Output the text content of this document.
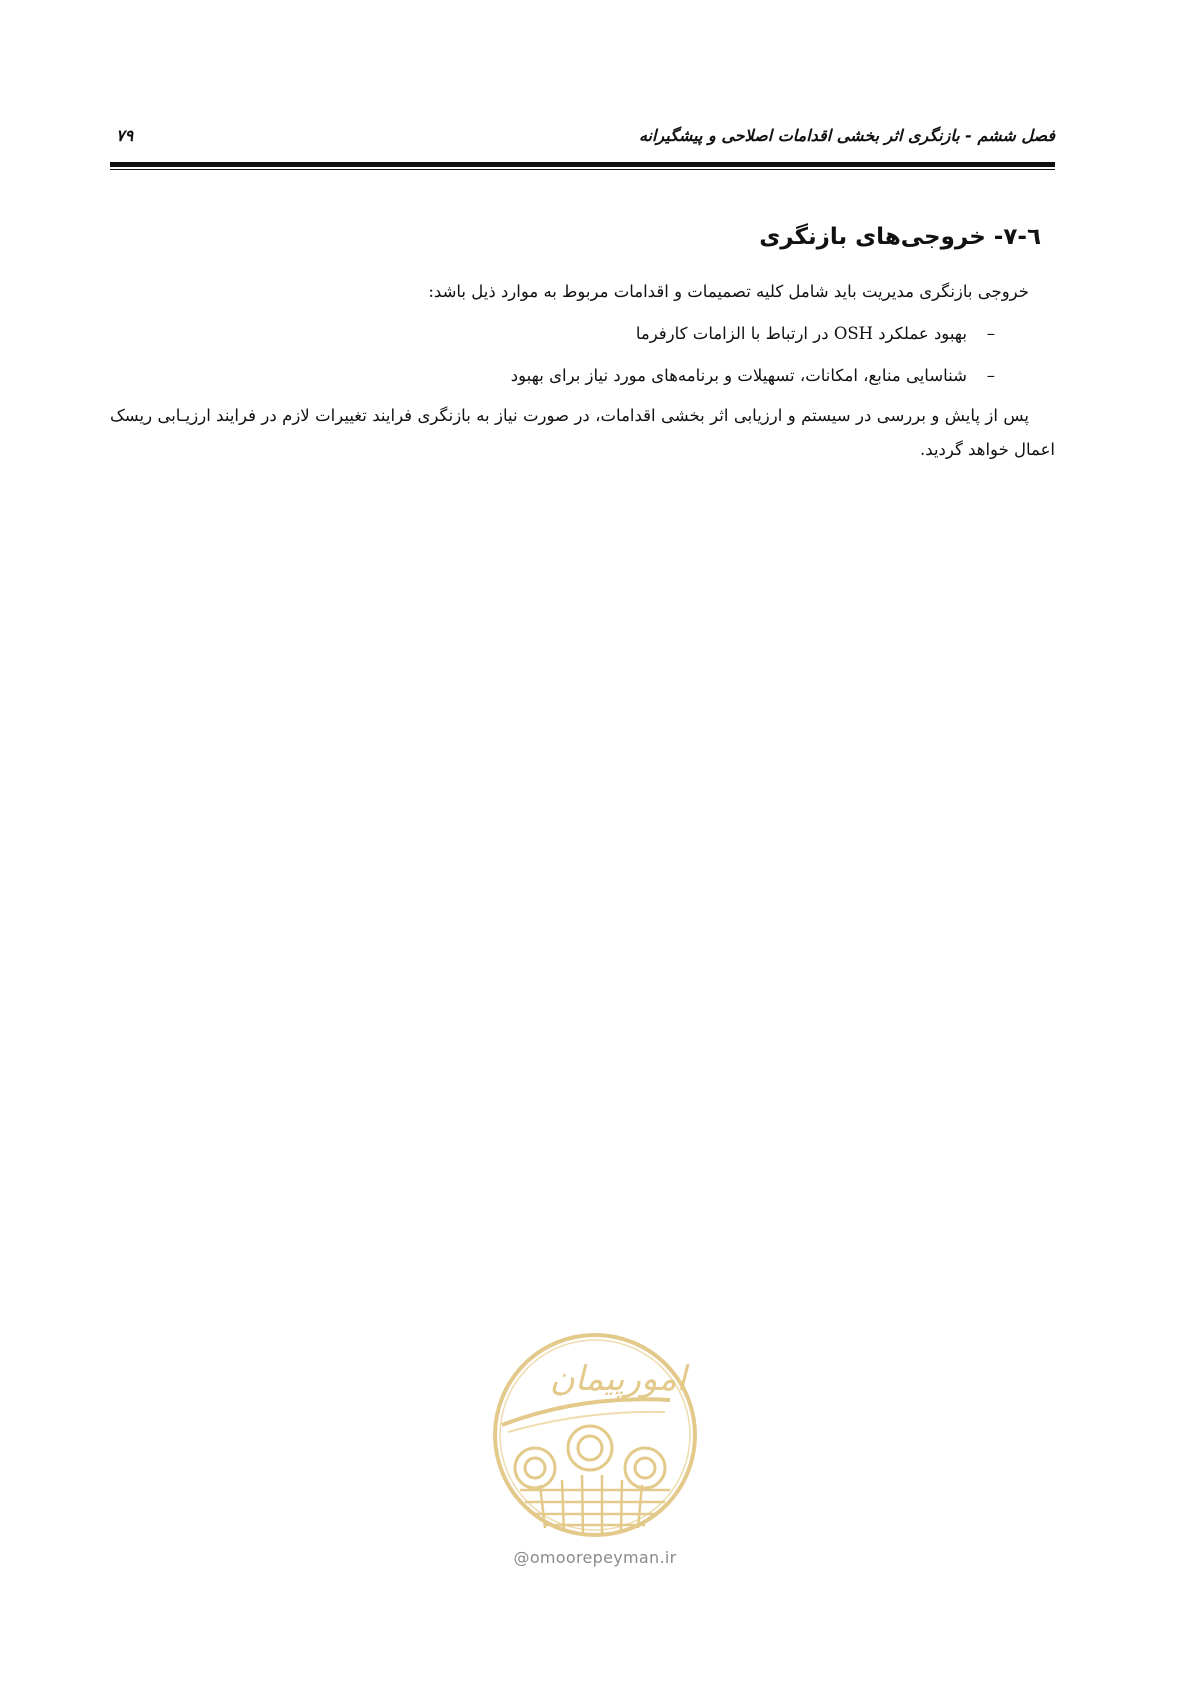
فصل ششم - بازنگری اثر بخشی اقدامات اصلاحی و پیشگیرانه
۷۹
٦-٧- خروجی‌های بازنگری

خروجی بازنگری مدیریت باید شامل کلیه تصمیمات و اقدامات مربوط به موارد ذیل باشد:

–بهبود عملکرد OSH در ارتباط با الزامات کارفرما
–شناسایی منابع، امکانات، تسهیلات و برنامه‌های مورد نیاز برای بهبود

پس از پایش و بررسی در سیستم و ارزیابی اثر بخشی اقدامات، در صورت نیاز به بازنگری فرایند تغییرات لازم در فرایند ارزیـابی ریسک اعمال خواهد گردید.

امورپیمان
@omoorepeyman.ir
